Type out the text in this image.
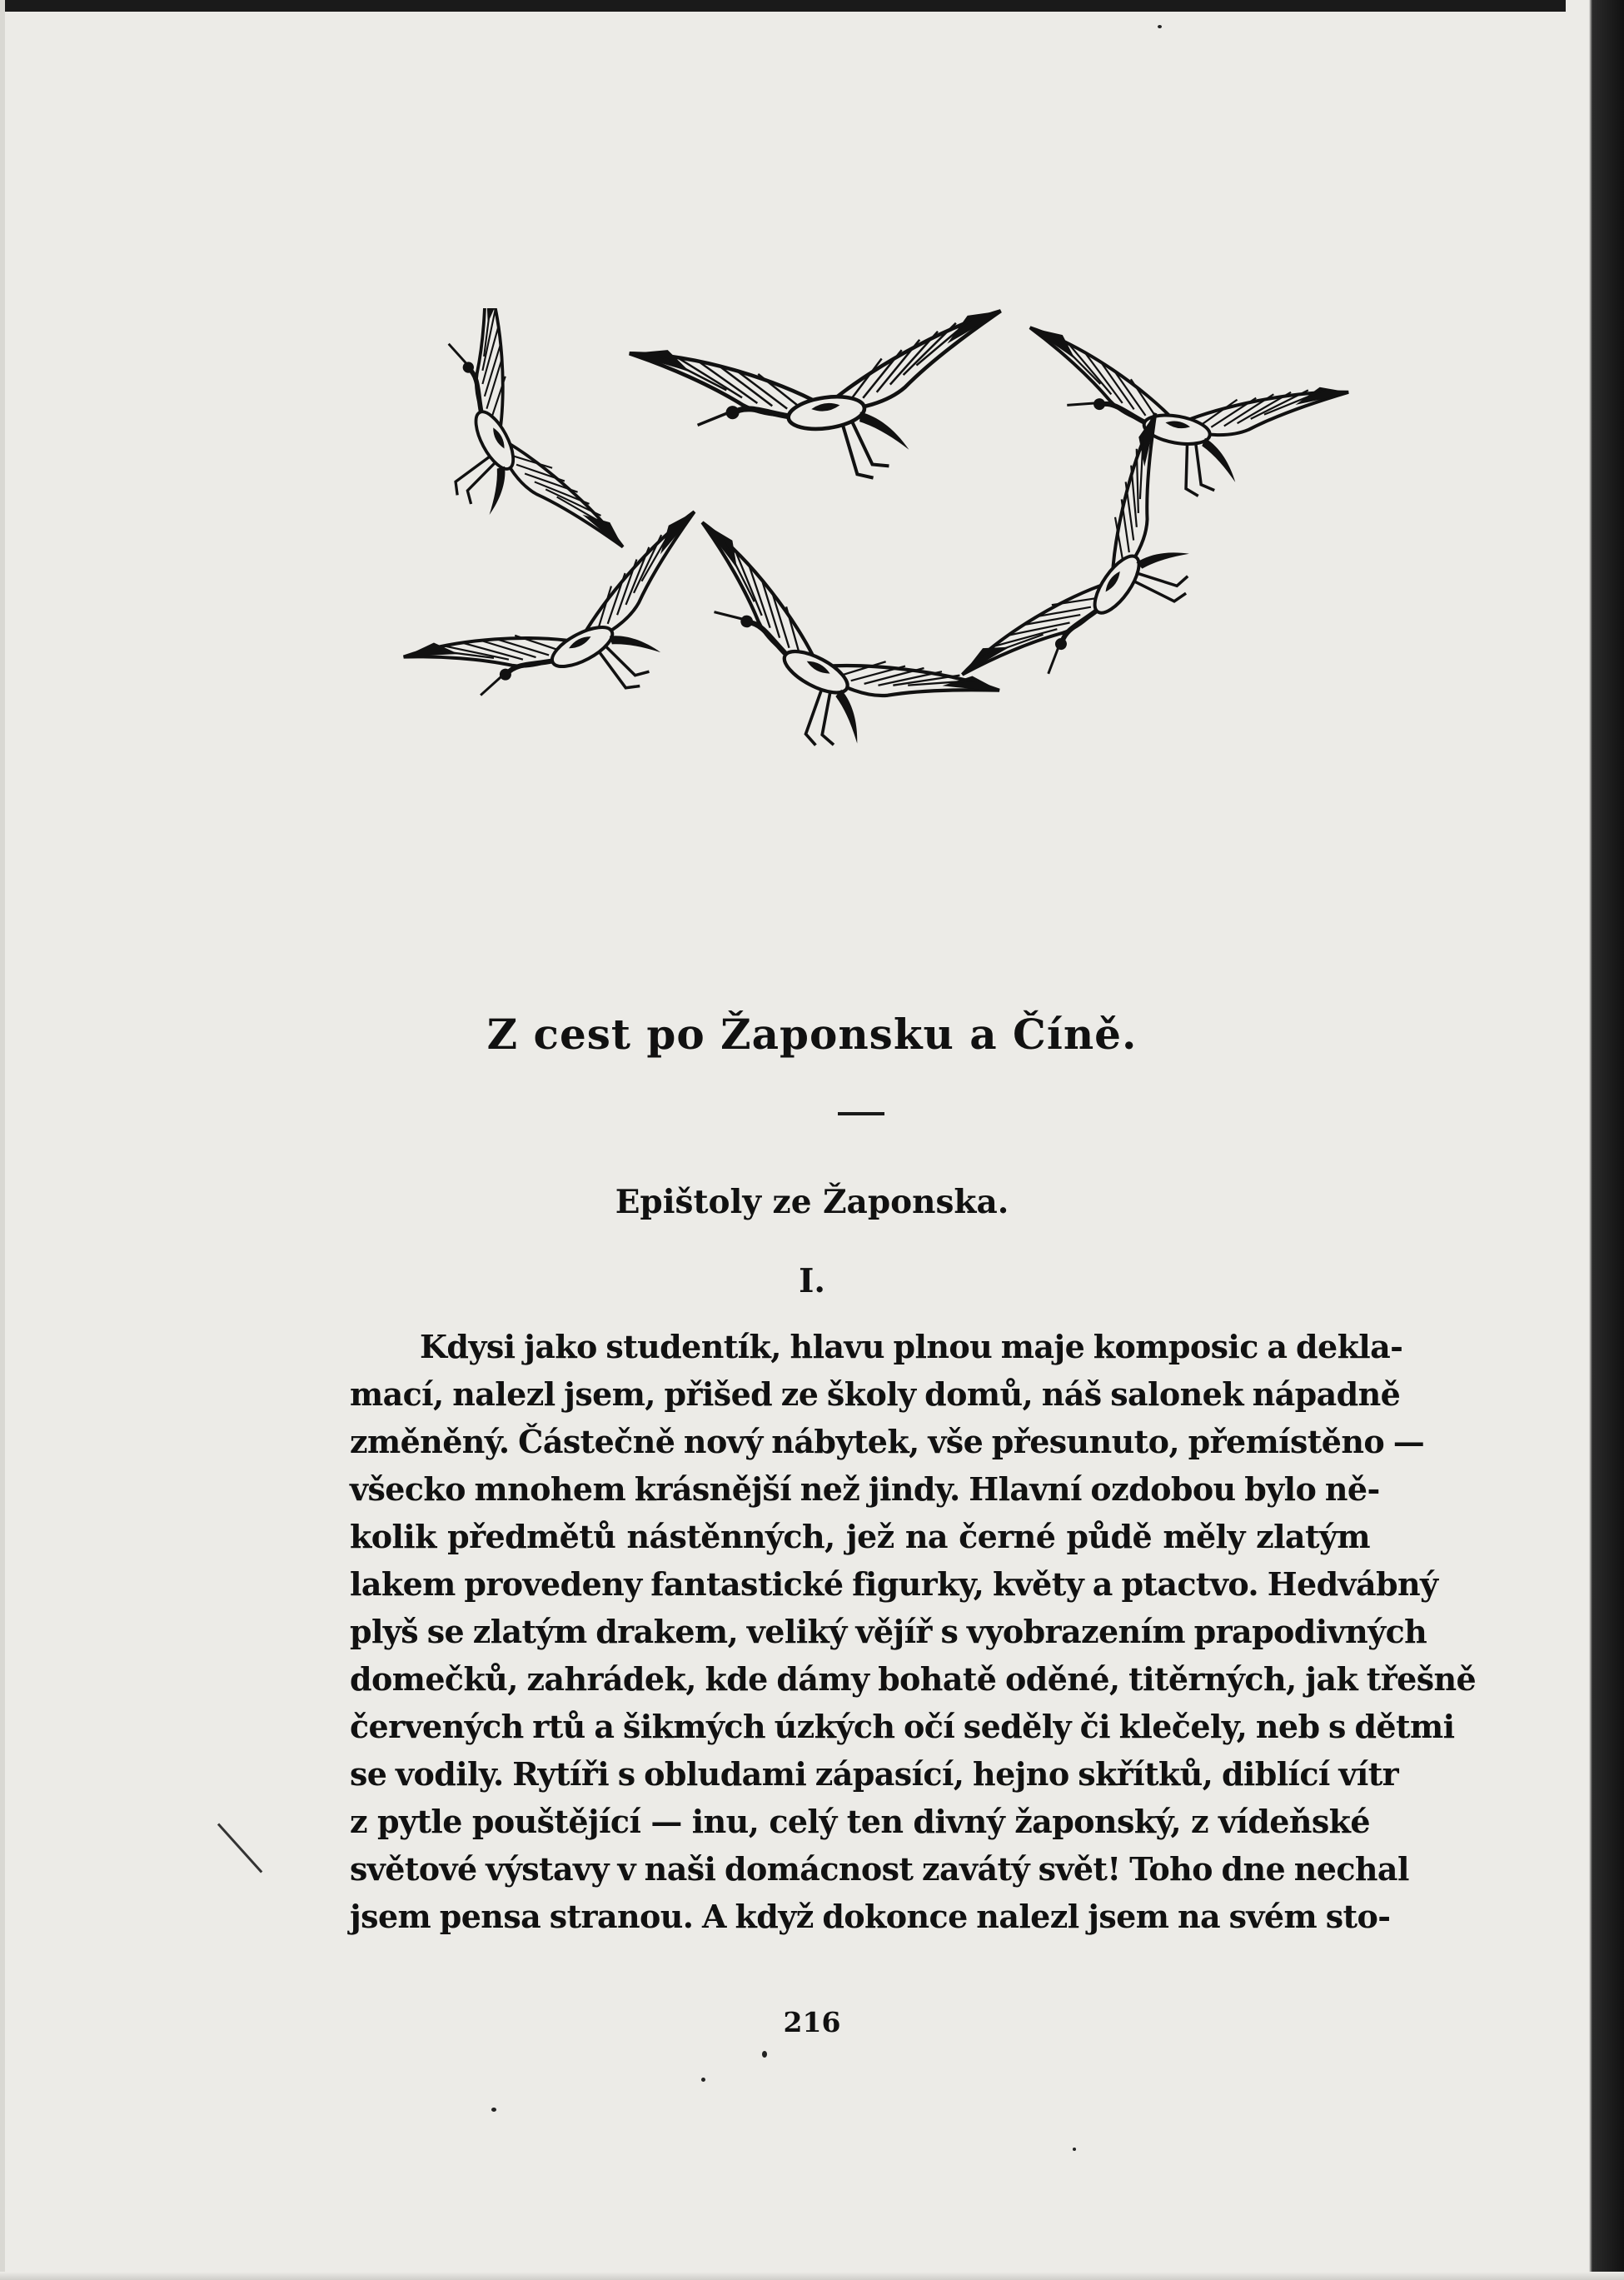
Z cest po Žaponsku a Číně.
Epištoly ze Žaponska.
I.
Kdysi jako studentík, hlavu plnou maje komposic a dekla-
mací, nalezl jsem, přišed ze školy domů, náš salonek nápadně
změněný. Částečně nový nábytek, vše přesunuto, přemístěno —
všecko mnohem krásnější než jindy. Hlavní ozdobou bylo ně-
kolik předmětů nástěnných, jež na černé půdě měly zlatým
lakem provedeny fantastické figurky, květy a ptactvo. Hedvábný
plyš se zlatým drakem, veliký vějíř s vyobrazením prapodivných
domečků, zahrádek, kde dámy bohatě oděné, titěrných, jak třešně
červených rtů a šikmých úzkých očí seděly či klečely, neb s dětmi
se vodily. Rytíři s obludami zápasící, hejno skřítků, diblící vítr
z pytle pouštějící — inu, celý ten divný žaponský, z vídeňské
světové výstavy v naši domácnost zavátý svět! Toho dne nechal
jsem pensa stranou. A když dokonce nalezl jsem na svém sto-
216
